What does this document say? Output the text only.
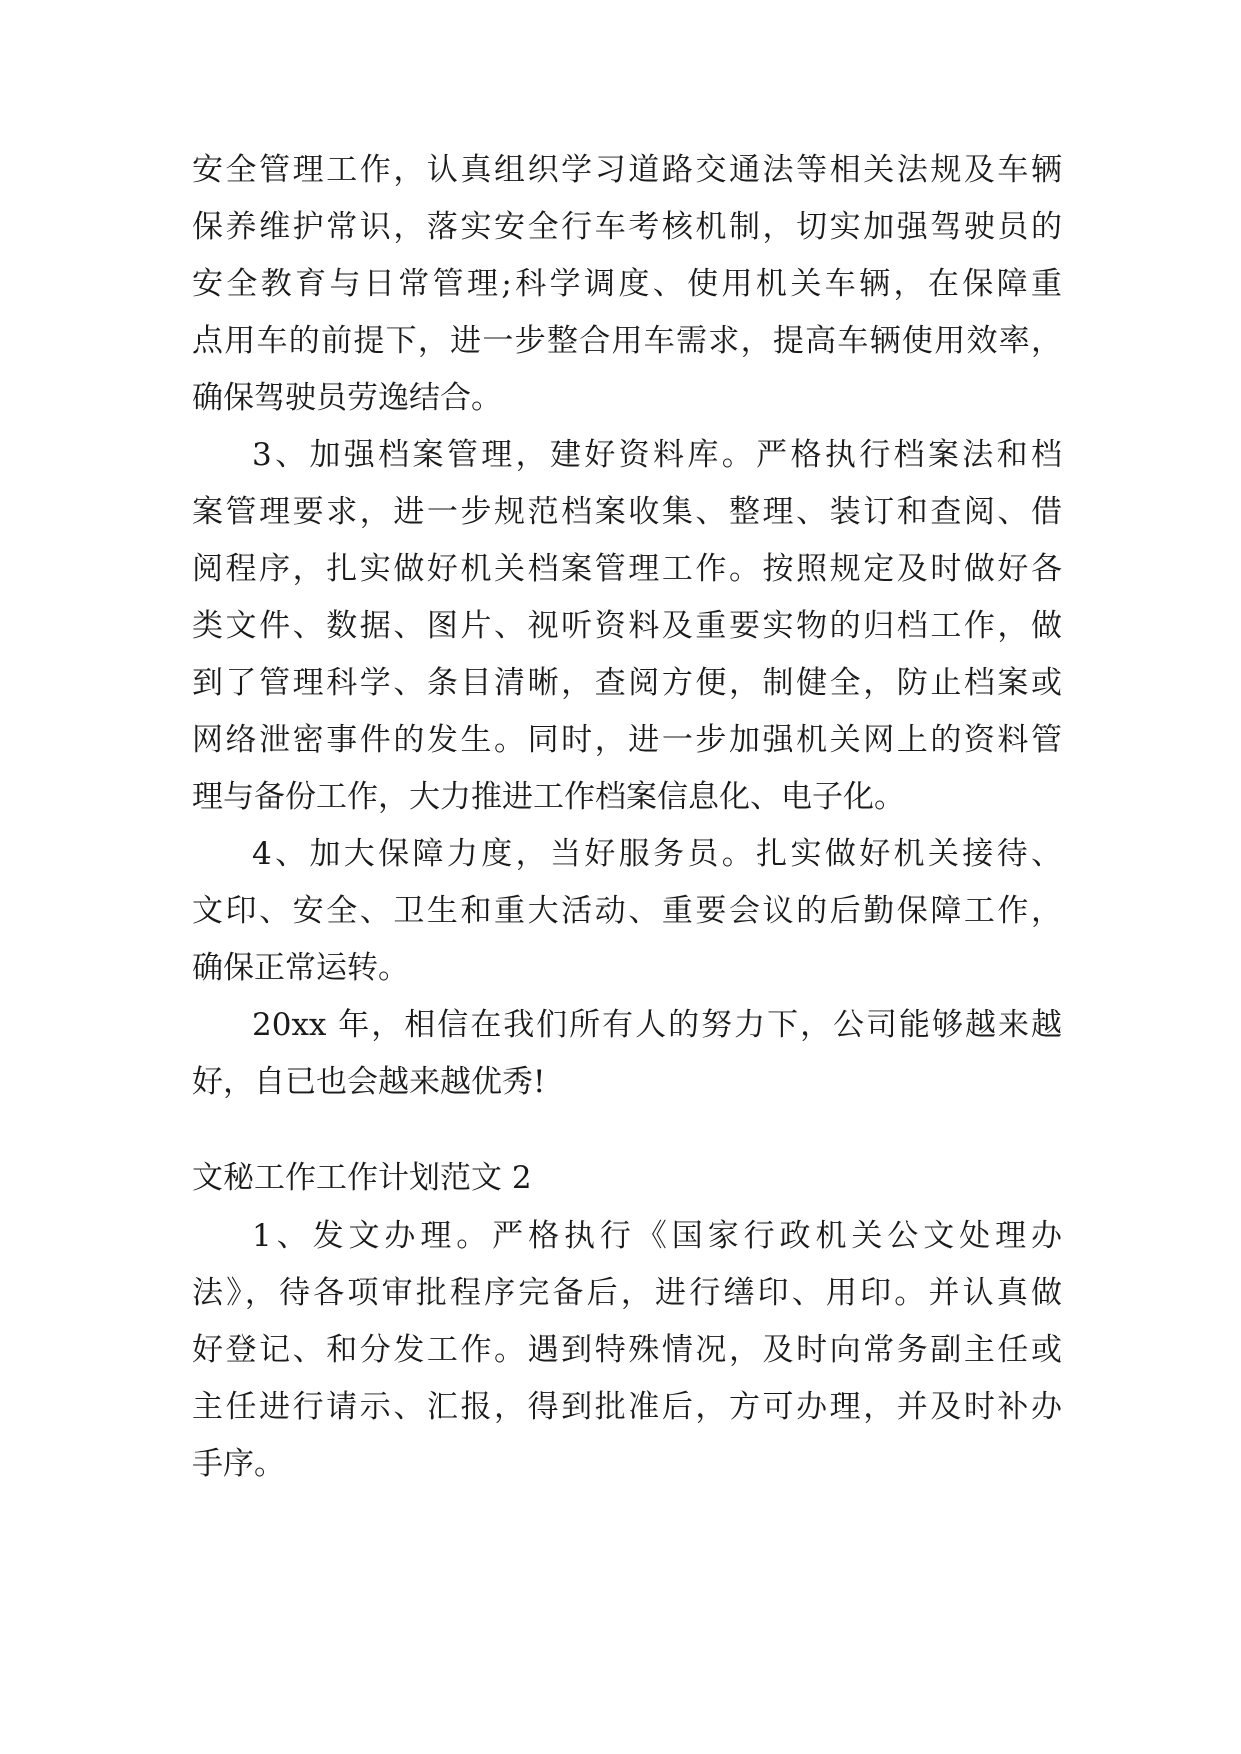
安全管理工作，认真组织学习道路交通法等相关法规及车辆
保养维护常识，落实安全行车考核机制，切实加强驾驶员的
安全教育与日常管理;科学调度、使用机关车辆，在保障重
点用车的前提下，进一步整合用车需求，提高车辆使用效率，
确保驾驶员劳逸结合。
3、加强档案管理，建好资料库。严格执行档案法和档
案管理要求，进一步规范档案收集、整理、装订和查阅、借
阅程序，扎实做好机关档案管理工作。按照规定及时做好各
类文件、数据、图片、视听资料及重要实物的归档工作，做
到了管理科学、条目清晰，查阅方便，制健全，防止档案或
网络泄密事件的发生。同时，进一步加强机关网上的资料管
理与备份工作，大力推进工作档案信息化、电子化。
4、加大保障力度，当好服务员。扎实做好机关接待、
文印、安全、卫生和重大活动、重要会议的后勤保障工作，
确保正常运转。
20xx 年，相信在我们所有人的努力下，公司能够越来越
好，自已也会越来越优秀!
文秘工作工作计划范文 2
1、发文办理。严格执行《国家行政机关公文处理办
法》，待各项审批程序完备后，进行缮印、用印。并认真做
好登记、和分发工作。遇到特殊情况，及时向常务副主任或
主任进行请示、汇报，得到批准后，方可办理，并及时补办
手序。
